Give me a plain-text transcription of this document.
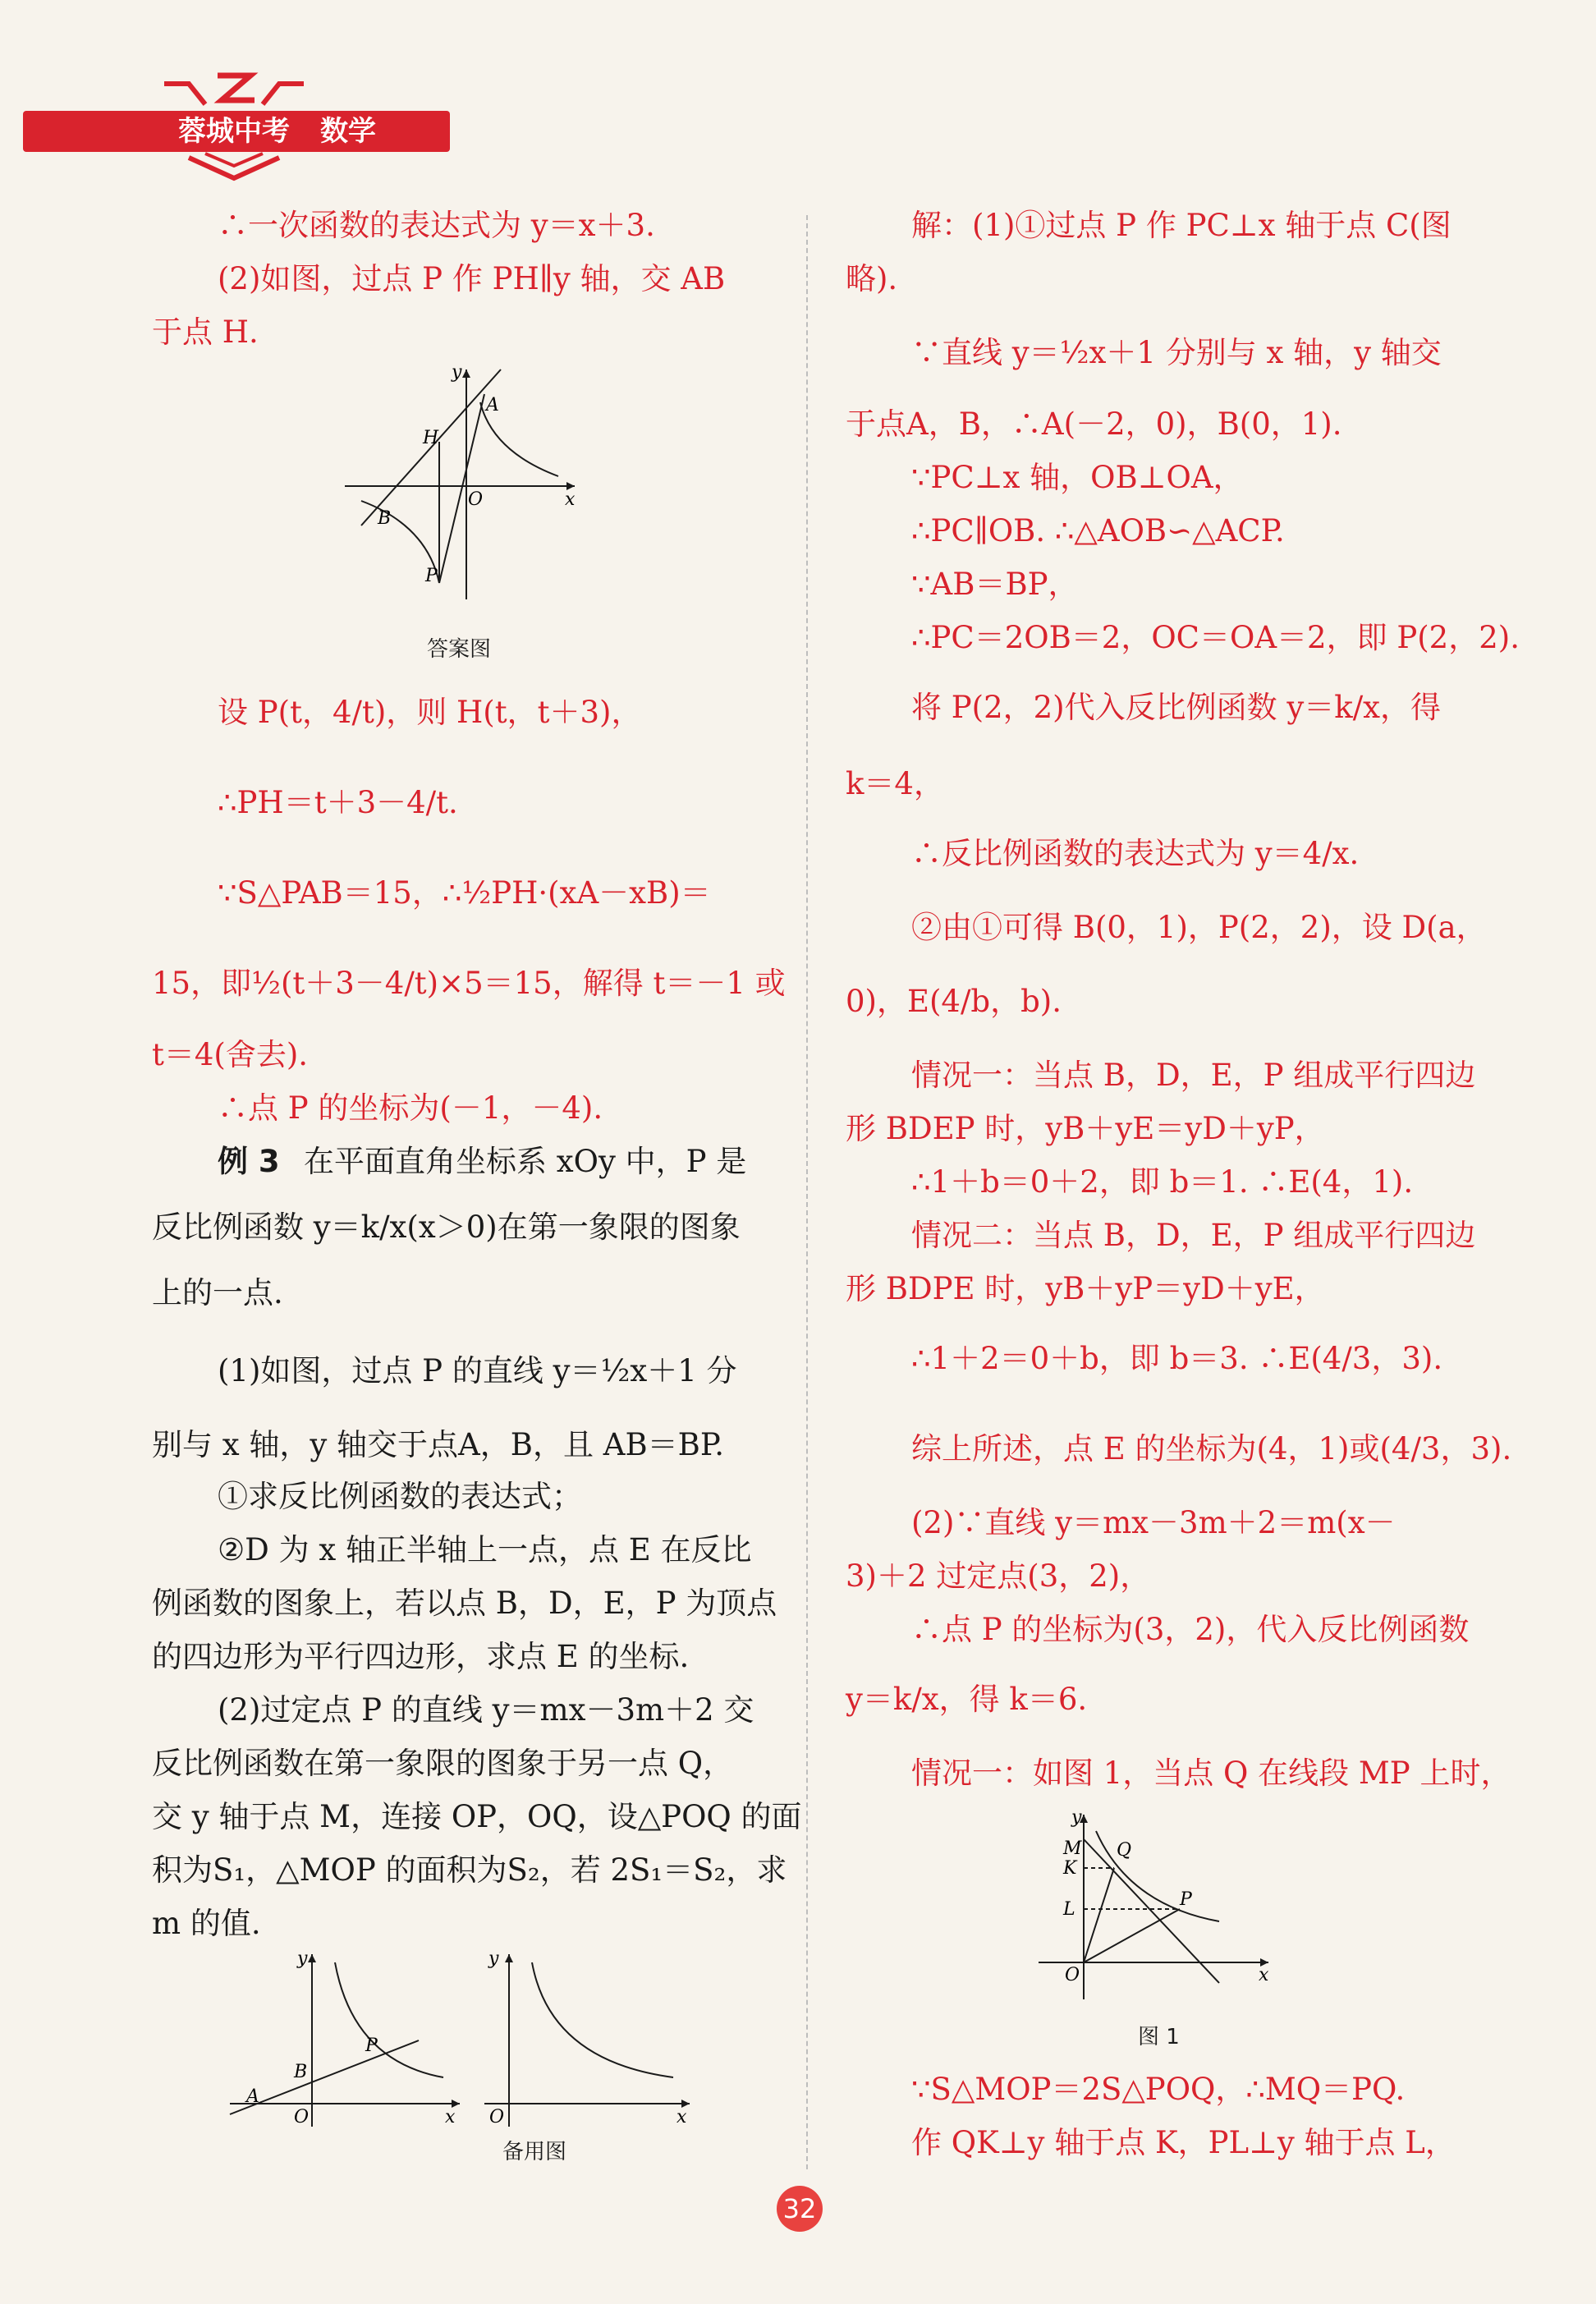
蓉城中考	数学

∴一次函数的表达式为 y＝x＋3.

(2)如图，过点 P 作 PH∥y 轴，交 AB

于点 H.

y
x
O
A
H
B
P
答案图

设 P(t，4/t)，则 H(t，t＋3)，

∴PH＝t＋3－4/t.

∵S△PAB＝15，∴½PH·(xA－xB)＝

15，即½(t＋3－4/t)×5＝15，解得 t＝－1 或

t＝4(舍去).

∴点 P 的坐标为(－1，－4).

例 3 在平面直角坐标系 xOy 中，P 是

反比例函数 y＝k/x(x＞0)在第一象限的图象

上的一点.

(1)如图，过点 P 的直线 y＝½x＋1 分

别与 x 轴，y 轴交于点A，B，且 AB＝BP.

①求反比例函数的表达式；

②D 为 x 轴正半轴上一点，点 E 在反比

例函数的图象上，若以点 B，D，E，P 为顶点

的四边形为平行四边形，求点 E 的坐标.

(2)过定点 P 的直线 y＝mx－3m＋2 交

反比例函数在第一象限的图象于另一点 Q，

交 y 轴于点 M，连接 OP，OQ，设△POQ 的面

积为S₁，△MOP 的面积为S₂，若 2S₁＝S₂，求

m 的值.

y
x
O
A
B
P
y
x
O
备用图

解：(1)①过点 P 作 PC⊥x 轴于点 C(图

略).

∵直线 y＝½x＋1 分别与 x 轴，y 轴交

于点A，B，∴A(－2，0)，B(0，1).

∵PC⊥x 轴，OB⊥OA，

∴PC∥OB. ∴△AOB∽△ACP.

∵AB＝BP，

∴PC＝2OB＝2，OC＝OA＝2，即 P(2，2).

将 P(2，2)代入反比例函数 y＝k/x，得

k＝4，

∴反比例函数的表达式为 y＝4/x.

②由①可得 B(0，1)，P(2，2)，设 D(a，

0)，E(4/b，b).

情况一：当点 B，D，E，P 组成平行四边

形 BDEP 时，yB＋yE＝yD＋yP，

∴1＋b＝0＋2，即 b＝1. ∴E(4，1).

情况二：当点 B，D，E，P 组成平行四边

形 BDPE 时，yB＋yP＝yD＋yE，

∴1＋2＝0＋b，即 b＝3. ∴E(4/3，3).

综上所述，点 E 的坐标为(4，1)或(4/3，3).

(2)∵直线 y＝mx－3m＋2＝m(x－

3)＋2 过定点(3，2)，

∴点 P 的坐标为(3，2)，代入反比例函数

y＝k/x，得 k＝6.

情况一：如图 1，当点 Q 在线段 MP 上时，

y
x
O
M
K
Q
L	P
图 1

∵S△MOP＝2S△POQ，∴MQ＝PQ.

作 QK⊥y 轴于点 K，PL⊥y 轴于点 L，

32
